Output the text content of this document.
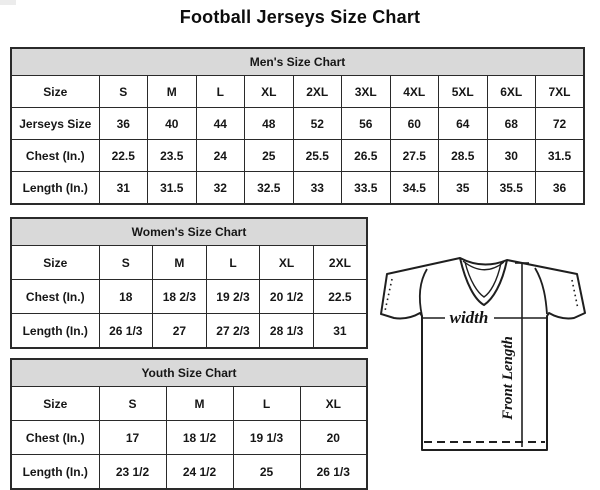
Football Jerseys Size Chart
Men's Size Chart										
Size	S	M	L	XL	2XL	3XL	4XL	5XL	6XL	7XL
Jerseys Size	36	40	44	48	52	56	60	64	68	72
Chest (In.)	22.5	23.5	24	25	25.5	26.5	27.5	28.5	30	31.5
Length (In.)	31	31.5	32	32.5	33	33.5	34.5	35	35.5	36
Women's Size Chart					
Size	S	M	L	XL	2XL
Chest (In.)	18	18 2/3	19 2/3	20 1/2	22.5
Length (In.)	26 1/3	27	27 2/3	28 1/3	31
Youth Size Chart				
Size	S	M	L	XL
Chest (In.)	17	18 1/2	19 1/3	20
Length (In.)	23 1/2	24 1/2	25	26 1/3
width
Front Length
